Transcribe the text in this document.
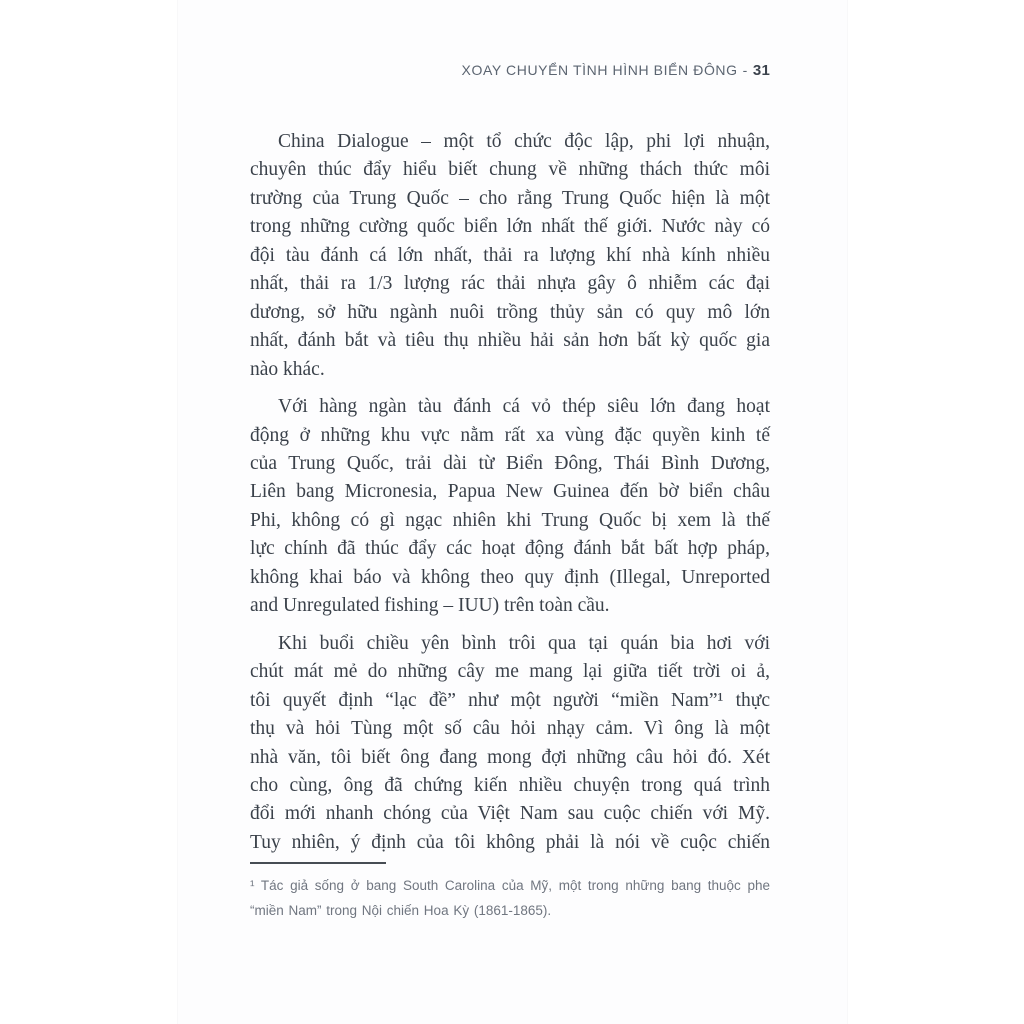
XOAY CHUYỂN TÌNH HÌNH BIỂN ĐÔNG - 31
China Dialogue – một tổ chức độc lập, phi lợi nhuận,
chuyên thúc đẩy hiểu biết chung về những thách thức môi
trường của Trung Quốc – cho rằng Trung Quốc hiện là một
trong những cường quốc biển lớn nhất thế giới. Nước này có
đội tàu đánh cá lớn nhất, thải ra lượng khí nhà kính nhiều
nhất, thải ra 1/3 lượng rác thải nhựa gây ô nhiễm các đại
dương, sở hữu ngành nuôi trồng thủy sản có quy mô lớn
nhất, đánh bắt và tiêu thụ nhiều hải sản hơn bất kỳ quốc gia
nào khác.
Với hàng ngàn tàu đánh cá vỏ thép siêu lớn đang hoạt
động ở những khu vực nằm rất xa vùng đặc quyền kinh tế
của Trung Quốc, trải dài từ Biển Đông, Thái Bình Dương,
Liên bang Micronesia, Papua New Guinea đến bờ biển châu
Phi, không có gì ngạc nhiên khi Trung Quốc bị xem là thế
lực chính đã thúc đẩy các hoạt động đánh bắt bất hợp pháp,
không khai báo và không theo quy định (Illegal, Unreported
and Unregulated fishing – IUU) trên toàn cầu.
Khi buổi chiều yên bình trôi qua tại quán bia hơi với
chút mát mẻ do những cây me mang lại giữa tiết trời oi ả,
tôi quyết định “lạc đề” như một người “miền Nam”¹ thực
thụ và hỏi Tùng một số câu hỏi nhạy cảm. Vì ông là một
nhà văn, tôi biết ông đang mong đợi những câu hỏi đó. Xét
cho cùng, ông đã chứng kiến nhiều chuyện trong quá trình
đổi mới nhanh chóng của Việt Nam sau cuộc chiến với Mỹ.
Tuy nhiên, ý định của tôi không phải là nói về cuộc chiến
¹ Tác giả sống ở bang South Carolina của Mỹ, một trong những bang thuộc phe
“miền Nam” trong Nội chiến Hoa Kỳ (1861-1865).
